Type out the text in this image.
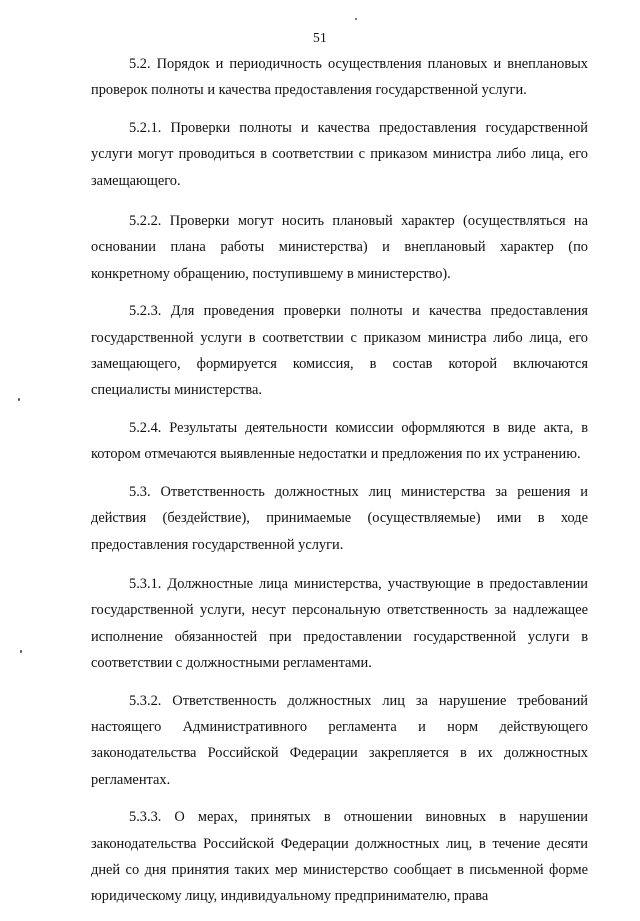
51

5.2. Порядок и периодичность осуществления плановых и внеплановых проверок полноты и качества предоставления государственной услуги.

5.2.1. Проверки полноты и качества предоставления государственной услуги могут проводиться в соответствии с приказом министра либо лица, его замещающего.

5.2.2. Проверки могут носить плановый характер (осуществляться на основании плана работы министерства) и внеплановый характер (по конкретному обращению, поступившему в министерство).

5.2.3. Для проведения проверки полноты и качества предоставления государственной услуги в соответствии с приказом министра либо лица, его замещающего, формируется комиссия, в состав которой включаются специалисты министерства.

5.2.4. Результаты деятельности комиссии оформляются в виде акта, в котором отмечаются выявленные недостатки и предложения по их устранению.

5.3. Ответственность должностных лиц министерства за решения и действия (бездействие), принимаемые (осуществляемые) ими в ходе предоставления государственной услуги.

5.3.1. Должностные лица министерства, участвующие в предоставлении государственной услуги, несут персональную ответственность за надлежащее исполнение обязанностей при предоставлении государственной услуги в соответствии с должностными регламентами.

5.3.2. Ответственность должностных лиц за нарушение требований настоящего Административного регламента и норм действующего законодательства Российской Федерации закрепляется в их должностных регламентах.

5.3.3. О мерах, принятых в отношении виновных в нарушении законодательства Российской Федерации должностных лиц, в течение десяти дней со дня принятия таких мер министерство сообщает в письменной форме юридическому лицу, индивидуальному предпринимателю, права
